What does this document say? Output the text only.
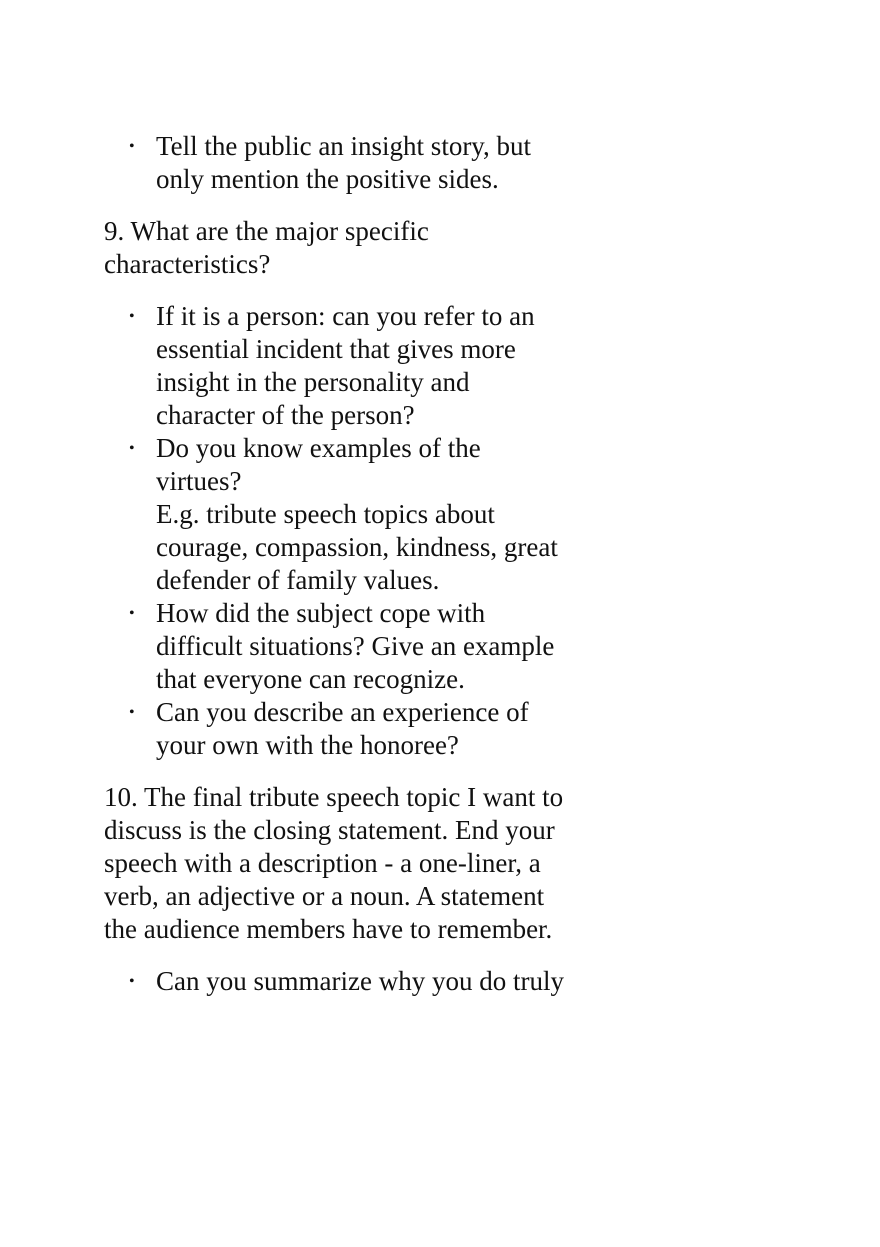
• Tell the public an insight story, but
only mention the positive sides.

9. What are the major specific
characteristics?

• If it is a person: can you refer to an
essential incident that gives more
insight in the personality and
character of the person?
• Do you know examples of the
virtues?
E.g. tribute speech topics about
courage, compassion, kindness, great
defender of family values.
• How did the subject cope with
difficult situations? Give an example
that everyone can recognize.
• Can you describe an experience of
your own with the honoree?

10. The final tribute speech topic I want to
discuss is the closing statement. End your
speech with a description - a one-liner, a
verb, an adjective or a noun. A statement
the audience members have to remember.

• Can you summarize why you do truly
